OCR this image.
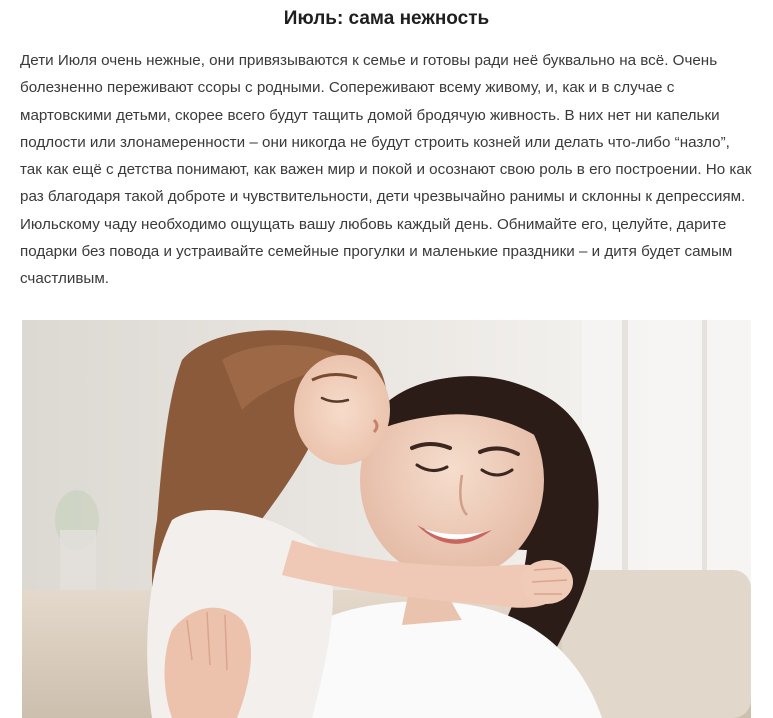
Июль: сама нежность

Дети Июля очень нежные, они привязываются к семье и готовы ради неё буквально на всё. Очень болезненно переживают ссоры с родными. Сопереживают всему живому, и, как и в случае с мартовскими детьми, скорее всего будут тащить домой бродячую живность. В них нет ни капельки подлости или злонамеренности – они никогда не будут строить козней или делать что-либо “назло”, так как ещё с детства понимают, как важен мир и покой и осознают свою роль в его построении. Но как раз благодаря такой доброте и чувствительности, дети чрезвычайно ранимы и склонны к депрессиям. Июльскому чаду необходимо ощущать вашу любовь каждый день. Обнимайте его, целуйте, дарите подарки без повода и устраивайте семейные прогулки и маленькие праздники – и дитя будет самым счастливым.
